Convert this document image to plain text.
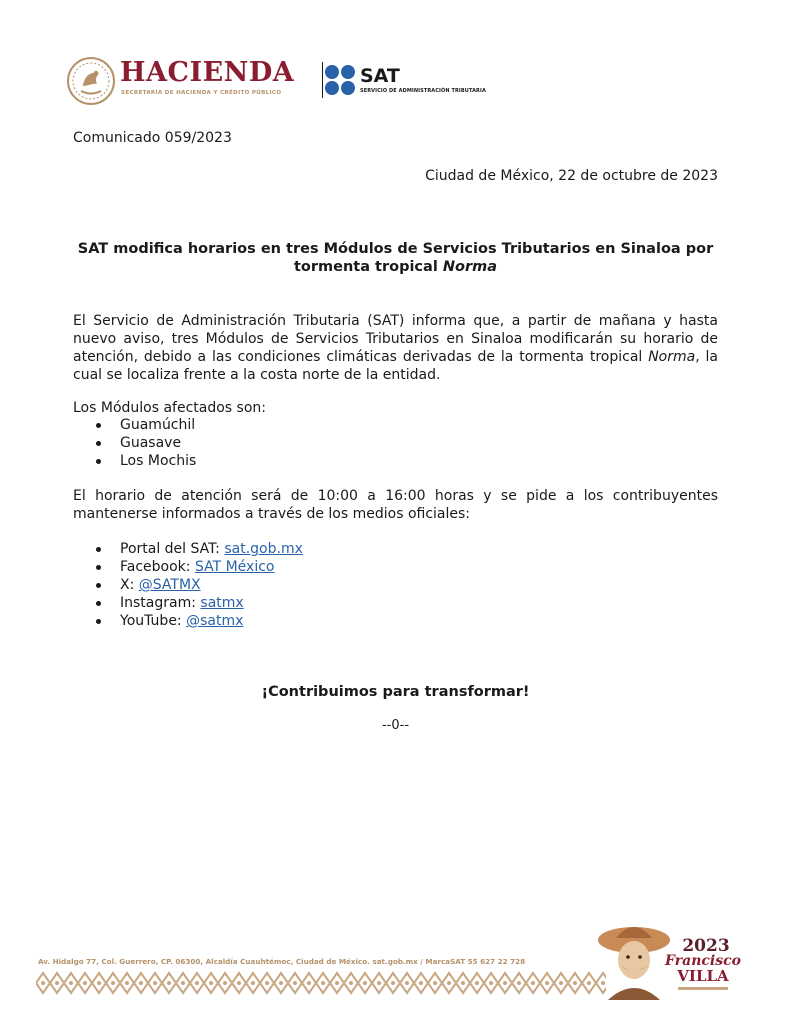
HACIENDA
SECRETARÍA DE HACIENDA Y CRÉDITO PÚBLICO
SAT
SERVICIO DE ADMINISTRACIÓN TRIBUTARIA
Comunicado 059/2023
Ciudad de México, 22 de octubre de 2023
SAT modifica horarios en tres Módulos de Servicios Tributarios en Sinaloa por tormenta tropical Norma
El Servicio de Administración Tributaria (SAT) informa que, a partir de mañana y hasta nuevo aviso, tres Módulos de Servicios Tributarios en Sinaloa modificarán su horario de atención, debido a las condiciones climáticas derivadas de la tormenta tropical Norma, la cual se localiza frente a la costa norte de la entidad.
Los Módulos afectados son:
Guamúchil
Guasave
Los Mochis
El horario de atención será de 10:00 a 16:00 horas y se pide a los contribuyentes mantenerse informados a través de los medios oficiales:
Portal del SAT: sat.gob.mx
Facebook: SAT México
X: @SATMX
Instagram: satmx
YouTube: @satmx
¡Contribuimos para transformar!
--0--
Av. Hidalgo 77, Col. Guerrero, CP. 06300, Alcaldía Cuauhtémoc, Ciudad de México. sat.gob.mx / MarcaSAT 55 627 22 728
2023
Francisco
VILLA
